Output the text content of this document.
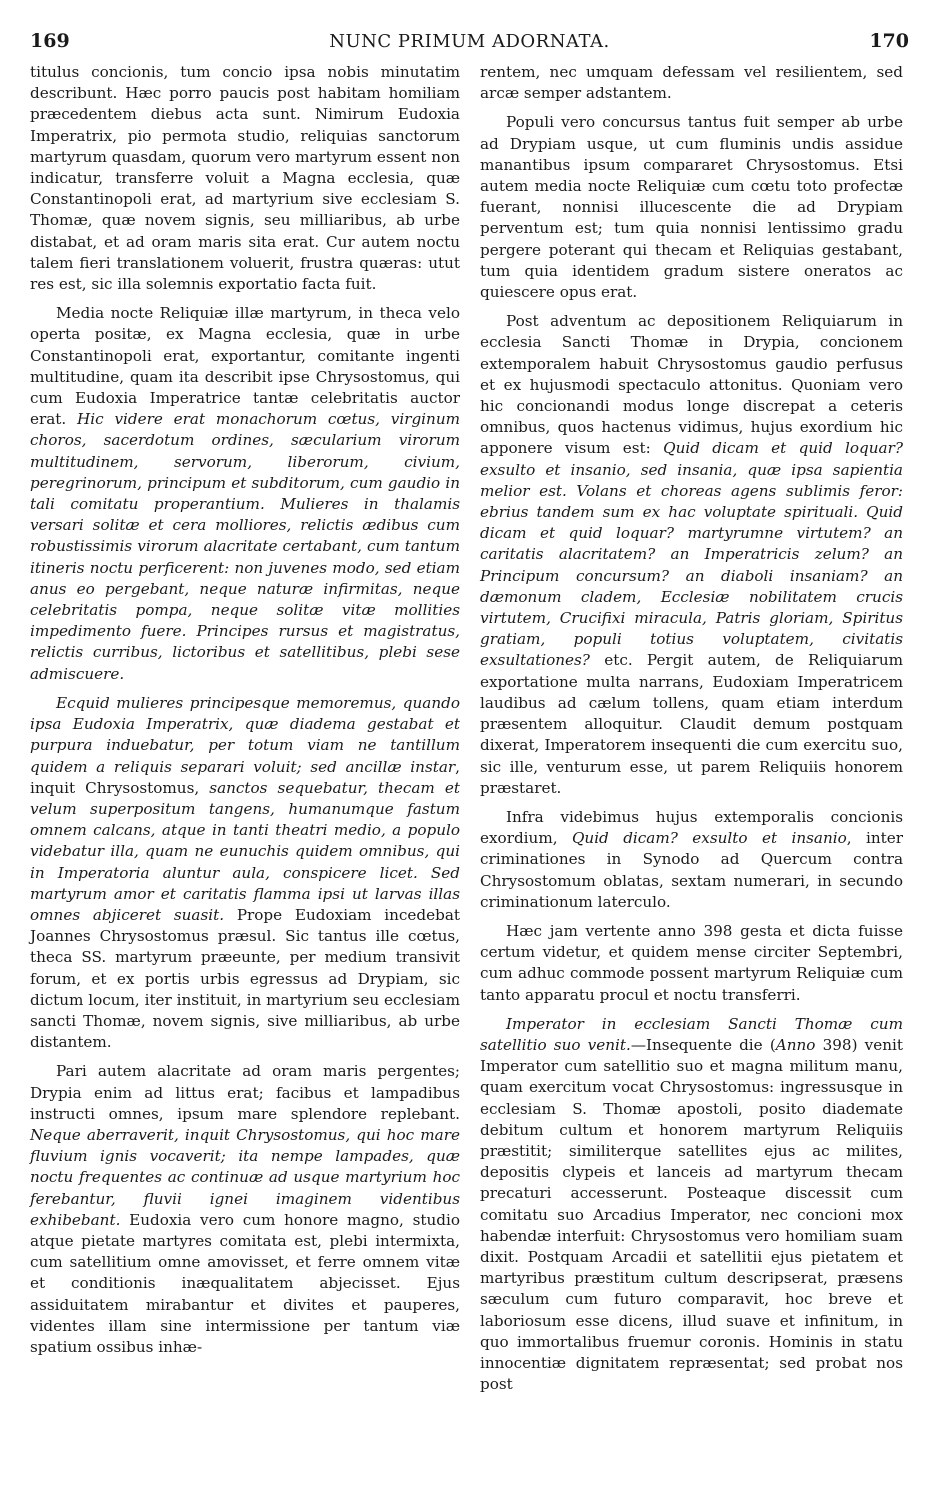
169	NUNC PRIMUM ADORNATA.	170

titulus concionis, tum concio ipsa nobis minutatim describunt. Hæc porro paucis post habitam homiliam præcedentem diebus acta sunt. Nimirum Eudoxia Imperatrix, pio permota studio, reliquias sanctorum martyrum quasdam, quorum vero martyrum essent non indicatur, transferre voluit a Magna ecclesia, quæ Constantinopoli erat, ad martyrium sive ecclesiam S. Thomæ, quæ novem signis, seu milliaribus, ab urbe distabat, et ad oram maris sita erat. Cur autem noctu talem fieri translationem voluerit, frustra quæras: utut res est, sic illa solemnis exportatio facta fuit.

Media nocte Reliquiæ illæ martyrum, in theca velo operta positæ, ex Magna ecclesia, quæ in urbe Constantinopoli erat, exportantur, comitante ingenti multitudine, quam ita describit ipse Chrysostomus, qui cum Eudoxia Imperatrice tantæ celebritatis auctor erat. Hic videre erat monachorum cœtus, virginum choros, sacerdotum ordines, sæcularium virorum multitudinem, servorum, liberorum, civium, peregrinorum, principum et subditorum, cum gaudio in tali comitatu properantium. Mulieres in thalamis versari solitæ et cera molliores, relictis ædibus cum robustissimis virorum alacritate certabant, cum tantum itineris noctu perficerent: non juvenes modo, sed etiam anus eo pergebant, neque naturæ infirmitas, neque celebritatis pompa, neque solitæ vitæ mollities impedimento fuere. Principes rursus et magistratus, relictis curribus, lictoribus et satellitibus, plebi sese admiscuere.

Ecquid mulieres principesque memoremus, quando ipsa Eudoxia Imperatrix, quæ diadema gestabat et purpura induebatur, per totum viam ne tantillum quidem a reliquis separari voluit; sed ancillæ instar, inquit Chrysostomus, sanctos sequebatur, thecam et velum superpositum tangens, humanumque fastum omnem calcans, atque in tanti theatri medio, a populo videbatur illa, quam ne eunuchis quidem omnibus, qui in Imperatoria aluntur aula, conspicere licet. Sed martyrum amor et caritatis flamma ipsi ut larvas illas omnes abjiceret suasit. Prope Eudoxiam incedebat Joannes Chrysostomus præsul. Sic tantus ille cœtus, theca SS. martyrum præeunte, per medium transivit forum, et ex portis urbis egressus ad Drypiam, sic dictum locum, iter instituit, in martyrium seu ecclesiam sancti Thomæ, novem signis, sive milliaribus, ab urbe distantem.

Pari autem alacritate ad oram maris pergentes; Drypia enim ad littus erat; facibus et lampadibus instructi omnes, ipsum mare splendore replebant. Neque aberraverit, inquit Chrysostomus, qui hoc mare fluvium ignis vocaverit; ita nempe lampades, quæ noctu frequentes ac continuæ ad usque martyrium hoc ferebantur, fluvii ignei imaginem videntibus exhibebant. Eudoxia vero cum honore magno, studio atque pietate martyres comitata est, plebi intermixta, cum satellitium omne amovisset, et ferre omnem vitæ et conditionis inæqualitatem abjecisset. Ejus assiduitatem mirabantur et divites et pauperes, videntes illam sine intermissione per tantum viæ spatium ossibus inhæ-

rentem, nec umquam defessam vel resilientem, sed arcæ semper adstantem.

Populi vero concursus tantus fuit semper ab urbe ad Drypiam usque, ut cum fluminis undis assidue manantibus ipsum compararet Chrysostomus. Etsi autem media nocte Reliquiæ cum cœtu toto profectæ fuerant, nonnisi illucescente die ad Drypiam perventum est; tum quia nonnisi lentissimo gradu pergere poterant qui thecam et Reliquias gestabant, tum quia identidem gradum sistere oneratos ac quiescere opus erat.

Post adventum ac depositionem Reliquiarum in ecclesia Sancti Thomæ in Drypia, concionem extemporalem habuit Chrysostomus gaudio perfusus et ex hujusmodi spectaculo attonitus. Quoniam vero hic concionandi modus longe discrepat a ceteris omnibus, quos hactenus vidimus, hujus exordium hic apponere visum est: Quid dicam et quid loquar? exsulto et insanio, sed insania, quæ ipsa sapientia melior est. Volans et choreas agens sublimis feror: ebrius tandem sum ex hac voluptate spirituali. Quid dicam et quid loquar? martyrumne virtutem? an caritatis alacritatem? an Imperatricis zelum? an Principum concursum? an diaboli insaniam? an dæmonum cladem, Ecclesiæ nobilitatem crucis virtutem, Crucifixi miracula, Patris gloriam, Spiritus gratiam, populi totius voluptatem, civitatis exsultationes? etc. Pergit autem, de Reliquiarum exportatione multa narrans, Eudoxiam Imperatricem laudibus ad cælum tollens, quam etiam interdum præsentem alloquitur. Claudit demum postquam dixerat, Imperatorem insequenti die cum exercitu suo, sic ille, venturum esse, ut parem Reliquiis honorem præstaret.

Infra videbimus hujus extemporalis concionis exordium, Quid dicam? exsulto et insanio, inter criminationes in Synodo ad Quercum contra Chrysostomum oblatas, sextam numerari, in secundo criminationum laterculo.

Hæc jam vertente anno 398 gesta et dicta fuisse certum videtur, et quidem mense circiter Septembri, cum adhuc commode possent martyrum Reliquiæ cum tanto apparatu procul et noctu transferri.

Imperator in ecclesiam Sancti Thomæ cum satellitio suo venit.—Insequente die (Anno 398) venit Imperator cum satellitio suo et magna militum manu, quam exercitum vocat Chrysostomus: ingressusque in ecclesiam S. Thomæ apostoli, posito diademate debitum cultum et honorem martyrum Reliquiis præstitit; similiterque satellites ejus ac milites, depositis clypeis et lanceis ad martyrum thecam precaturi accesserunt. Posteaque discessit cum comitatu suo Arcadius Imperator, nec concioni mox habendæ interfuit: Chrysostomus vero homiliam suam dixit. Postquam Arcadii et satellitii ejus pietatem et martyribus præstitum cultum descripserat, præsens sæculum cum futuro comparavit, hoc breve et laboriosum esse dicens, illud suave et infinitum, in quo immortalibus fruemur coronis. Hominis in statu innocentiæ dignitatem repræsentat; sed probat nos post
